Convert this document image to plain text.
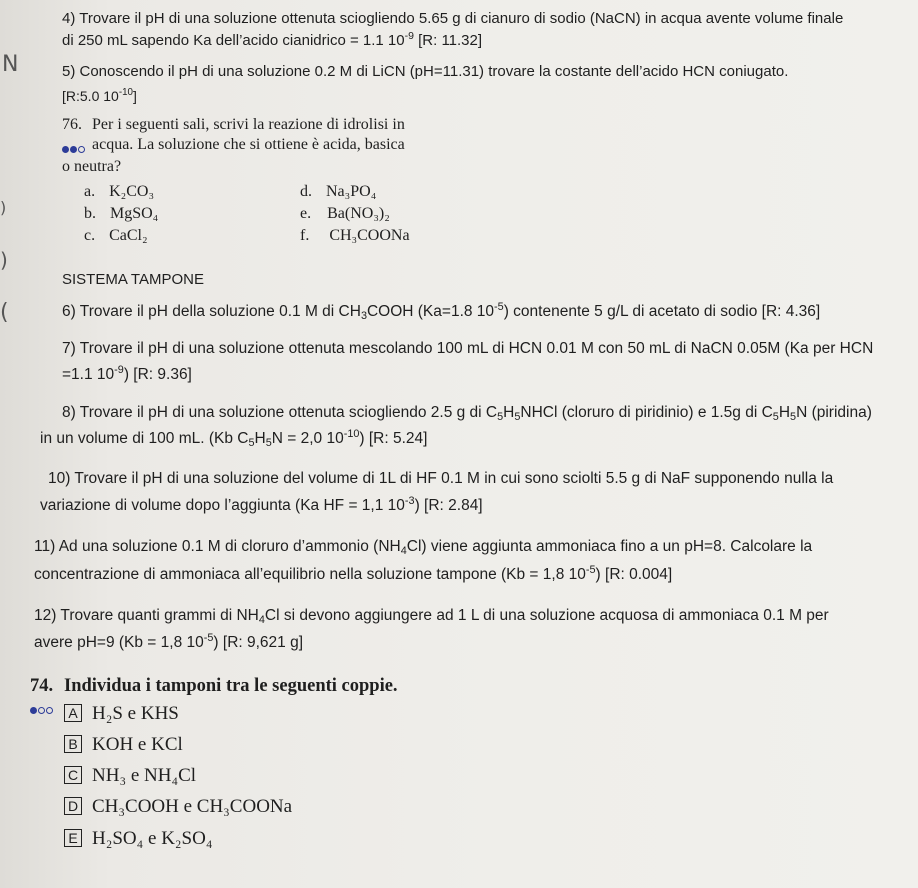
N
)
)
(
4) Trovare il pH di una soluzione ottenuta sciogliendo 5.65 g di cianuro di sodio (NaCN) in acqua avente volume finale
di 250 mL sapendo Ka dell’acido cianidrico = 1.1 $10^{-9}$ [R: 11.32]
5) Conoscendo il pH di una soluzione 0.2 M di LiCN (pH=11.31) trovare la costante dell’acido HCN coniugato.
[R:5.0 $10^{-10}$]
76. Per i seguenti sali, scrivi la reazione di idrolisi in
acqua. La soluzione che si ottiene è acida, basica
o neutra?
a. K₂CO₃
b. MgSO₄
c. CaCl₂
d. Na₃PO₄
e. Ba(NO₃)₂
f. CH₃COONa
SISTEMA TAMPONE
6) Trovare il pH della soluzione 0.1 M di $CH_3COOH$ (Ka=1.8 $10^{-5}$) contenente 5 g/L di acetato di sodio [R: 4.36]
7) Trovare il pH di una soluzione ottenuta mescolando 100 mL di HCN 0.01 M con 50 mL di NaCN 0.05M (Ka per HCN
=1.1 $10^{-9}$) [R: 9.36]
8) Trovare il pH di una soluzione ottenuta sciogliendo 2.5 g di $C_5H_5NHCl$ (cloruro di piridinio) e 1.5g di $C_5H_5N$ (piridina)
in un volume di 100 mL. (Kb $C_5H_5N = 2,0$ $10^{-10}$) [R: 5.24]
10) Trovare il pH di una soluzione del volume di 1L di HF 0.1 M in cui sono sciolti 5.5 g di NaF supponendo nulla la
variazione di volume dopo l’aggiunta (Ka HF = 1,1 $10^{-3}$) [R: 2.84]
11) Ad una soluzione 0.1 M di cloruro d’ammonio $(NH_4Cl)$ viene aggiunta ammoniaca fino a un pH=8. Calcolare la
concentrazione di ammoniaca all’equilibrio nella soluzione tampone (Kb = 1,8 $10^{-5}$) [R: 0.004]
12) Trovare quanti grammi di $NH_4Cl$ si devono aggiungere ad 1 L di una soluzione acquosa di ammoniaca 0.1 M per
avere pH=9 (Kb = 1,8 $10^{-5}$) [R: 9,621 g]
74. Individua i tamponi tra le seguenti coppie.
A H₂S e KHS
B KOH e KCl
C NH₃ e NH₄Cl
D CH₃COOH e CH₃COONa
E H₂SO₄ e K₂SO₄
